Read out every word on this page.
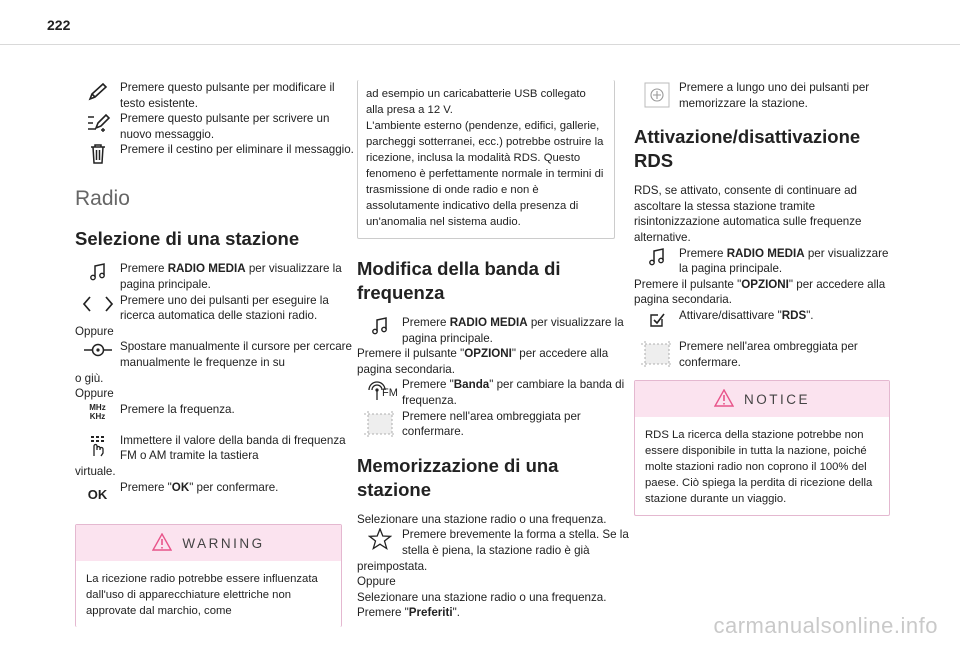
222
Premere questo pulsante per modificare il testo esistente.
Premere questo pulsante per scrivere un nuovo messaggio.
Premere il cestino per eliminare il messaggio.
Radio
Selezione di una stazione
Premere RADIO MEDIA per visualizzare la pagina principale.
Premere uno dei pulsanti per eseguire la ricerca automatica delle stazioni radio.

Oppure

Spostare manualmente il cursore per cercare manualmente le frequenze in su

o giù.

Oppure

MHz
KHz
Premere la frequenza.
Immettere il valore della banda di frequenza FM o AM tramite la tastiera

virtuale.

OK Premere "OK" per confermare.
WARNING

La ricezione radio potrebbe essere influenzata dall'uso di apparecchiature elettriche non approvate dal marchio, come

ad esempio un caricabatterie USB collegato alla presa a 12 V.
L'ambiente esterno (pendenze, edifici, gallerie, parcheggi sotterranei, ecc.) potrebbe ostruire la ricezione, inclusa la modalità RDS. Questo fenomeno è perfettamente normale in termini di trasmissione di onde radio e non è assolutamente indicativo della presenza di un'anomalia nel sistema audio.

Modifica della banda di frequenza
Premere RADIO MEDIA per visualizzare la pagina principale.

Premere il pulsante "OPZIONI" per accedere alla pagina secondaria.

FM
Premere "Banda" per cambiare la banda di frequenza.
Premere nell'area ombreggiata per confermare.
Memorizzazione di una stazione

Selezionare una stazione radio o una frequenza.

Premere brevemente la forma a stella. Se la stella è piena, la stazione radio è già

preimpostata.

Oppure

Selezionare una stazione radio o una frequenza.

Premere "Preferiti".

Premere a lungo uno dei pulsanti per memorizzare la stazione.
Attivazione/disattivazione RDS

RDS, se attivato, consente di continuare ad ascoltare la stessa stazione tramite risintonizzazione automatica sulle frequenze alternative.

Premere RADIO MEDIA per visualizzare la pagina principale.

Premere il pulsante "OPZIONI" per accedere alla pagina secondaria.

Attivare/disattivare "RDS".
Premere nell'area ombreggiata per confermare.
NOTICE

RDS La ricerca della stazione potrebbe non essere disponibile in tutta la nazione, poiché molte stazioni radio non coprono il 100% del paese. Ciò spiega la perdita di ricezione della stazione durante un viaggio.

carmanualsonline.info
